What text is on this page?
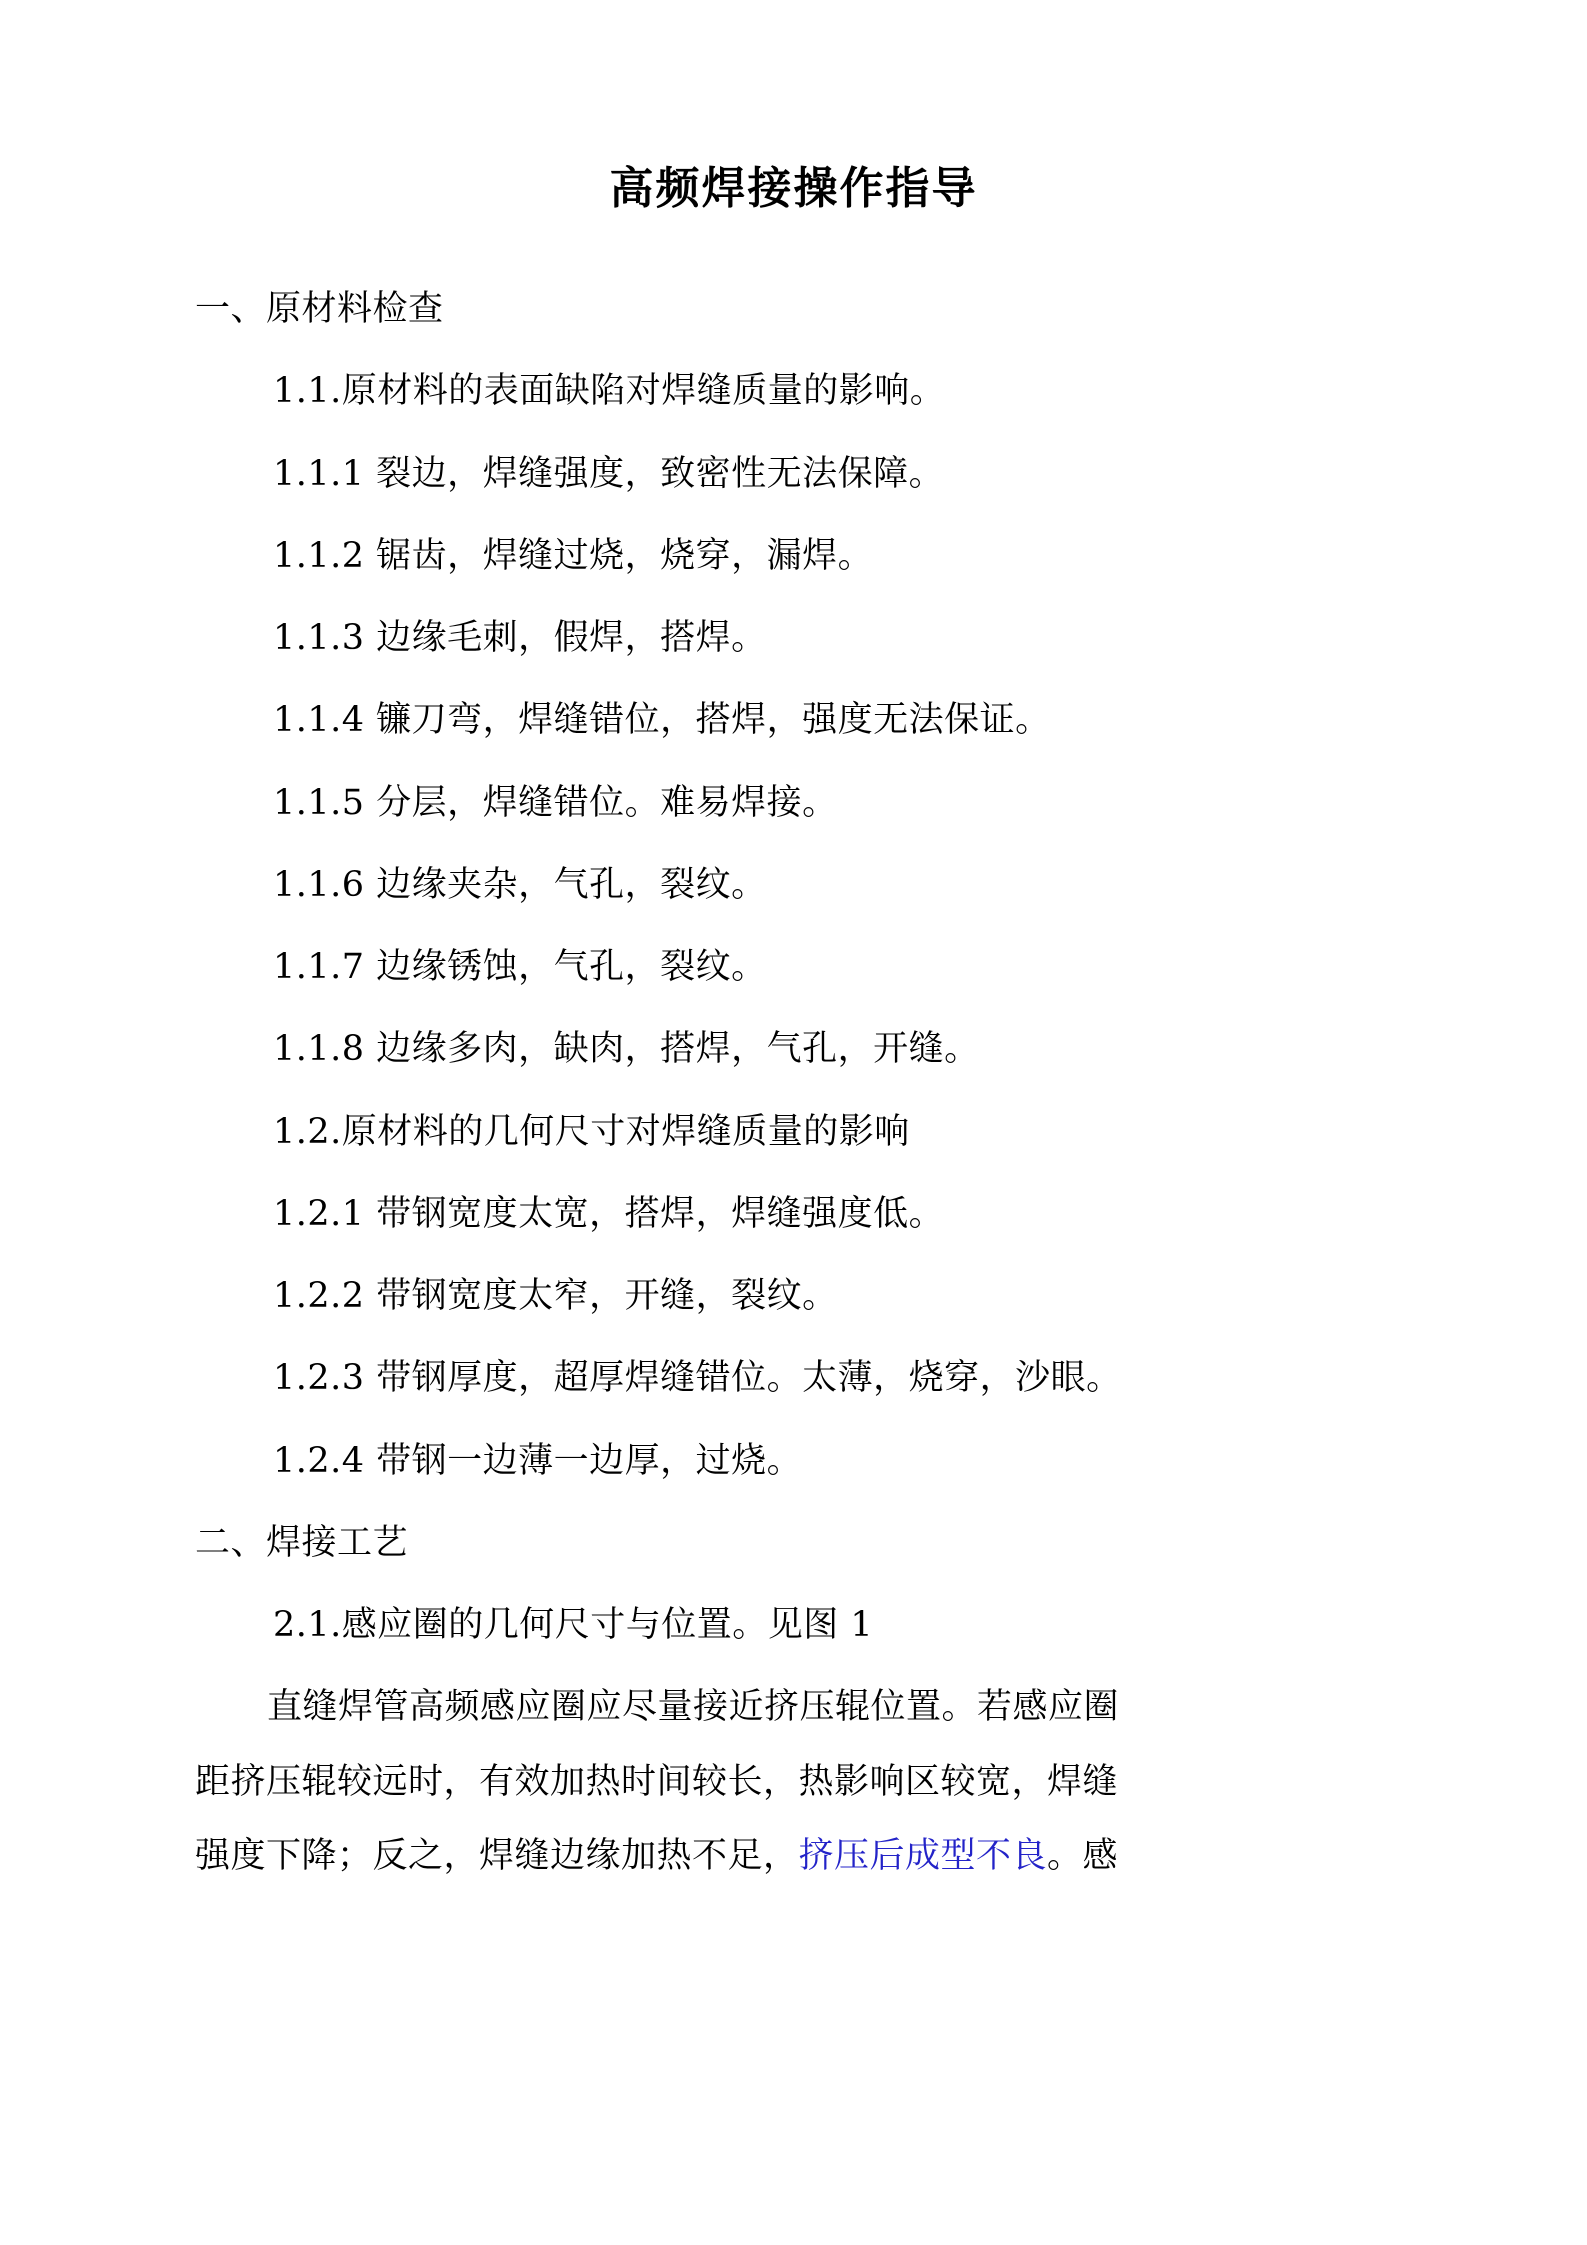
高频焊接操作指导

一、原材料检查

1.1.原材料的表面缺陷对焊缝质量的影响。

1.1.1 裂边，焊缝强度，致密性无法保障。

1.1.2 锯齿，焊缝过烧，烧穿，漏焊。

1.1.3 边缘毛刺，假焊，搭焊。

1.1.4 镰刀弯，焊缝错位，搭焊，强度无法保证。

1.1.5 分层，焊缝错位。难易焊接。

1.1.6 边缘夹杂，气孔，裂纹。

1.1.7 边缘锈蚀，气孔，裂纹。

1.1.8 边缘多肉，缺肉，搭焊，气孔，开缝。

1.2.原材料的几何尺寸对焊缝质量的影响

1.2.1 带钢宽度太宽，搭焊，焊缝强度低。

1.2.2 带钢宽度太窄，开缝，裂纹。

1.2.3 带钢厚度，超厚焊缝错位。太薄，烧穿，沙眼。

1.2.4 带钢一边薄一边厚，过烧。

二、焊接工艺

2.1.感应圈的几何尺寸与位置。见图 1

直缝焊管高频感应圈应尽量接近挤压辊位置。若感应圈

距挤压辊较远时，有效加热时间较长，热影响区较宽，焊缝

强度下降；反之，焊缝边缘加热不足，挤压后成型不良。感
